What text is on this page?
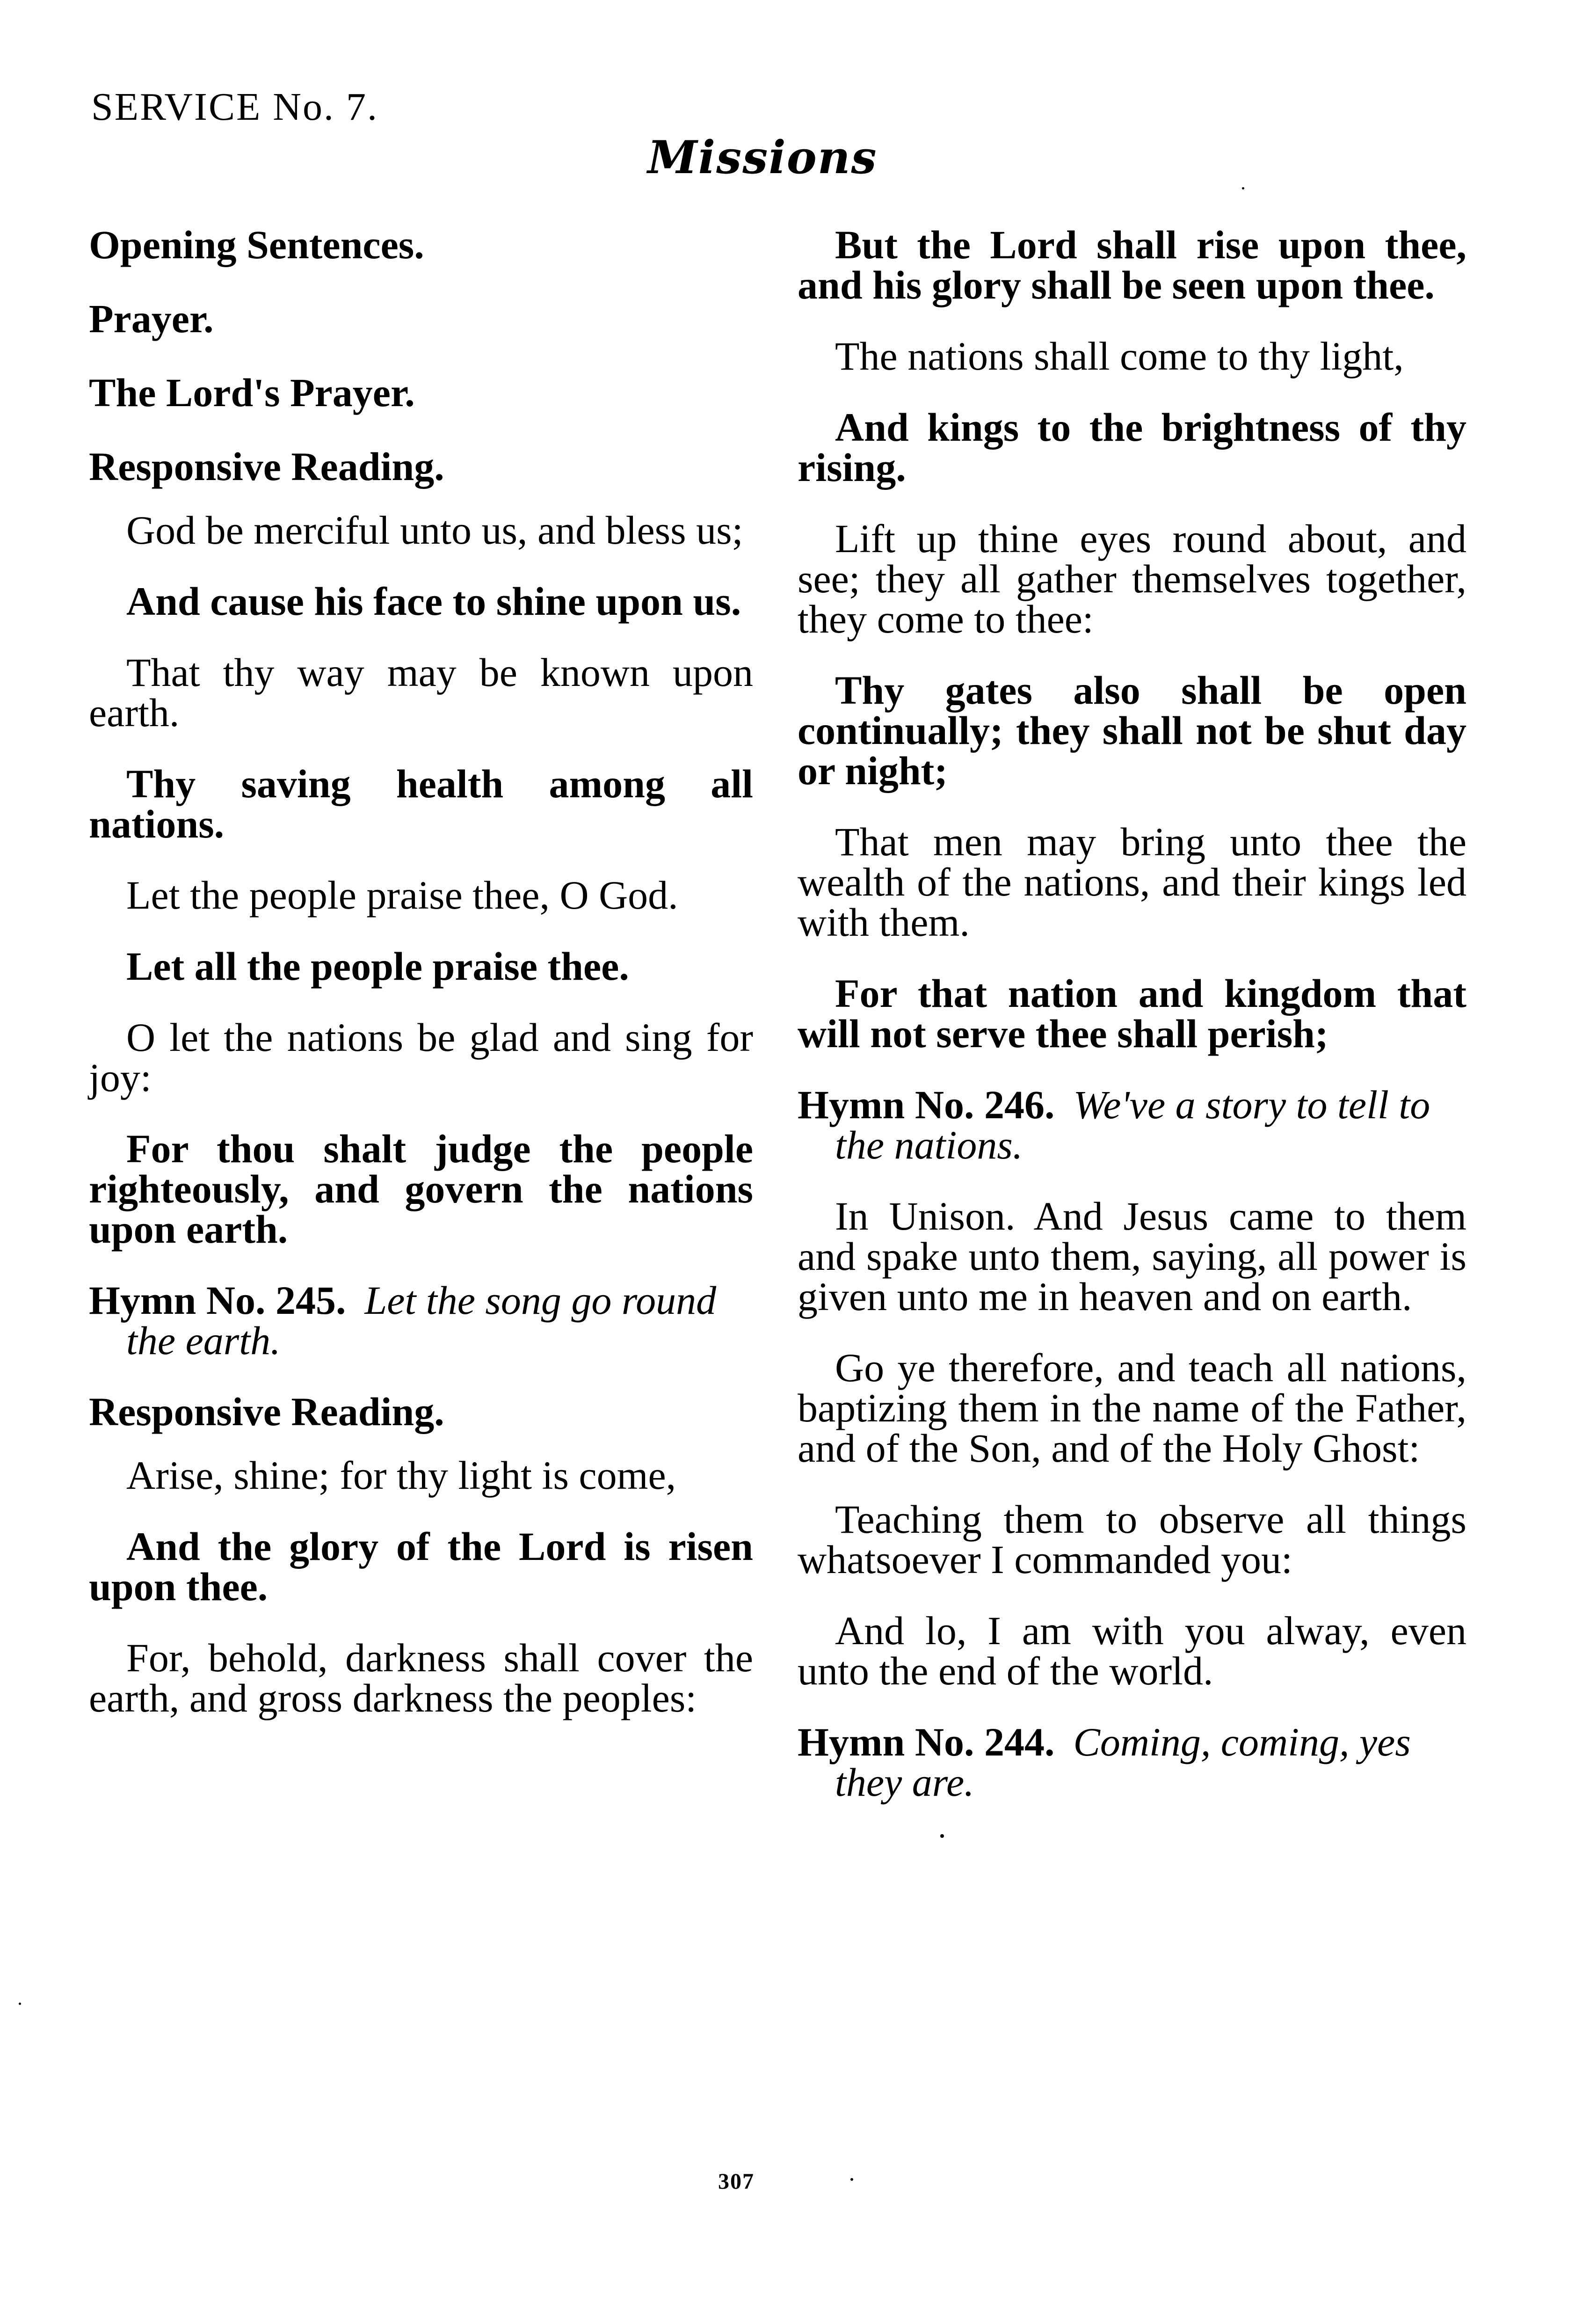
SERVICE No. 7.
Missions
Opening Sentences.
Prayer.
The Lord's Prayer.
Responsive Reading.
God be merciful unto us, and bless us;
And cause his face to shine upon us.
That thy way may be known upon earth.
Thy saving health among all nations.
Let the people praise thee, O God.
Let all the people praise thee.
O let the nations be glad and sing for joy:
For thou shalt judge the people righteously, and govern the nations upon earth.
Hymn No. 245. Let the song go round the earth.
Responsive Reading.
Arise, shine; for thy light is come,
And the glory of the Lord is risen upon thee.
For, behold, darkness shall cover the earth, and gross darkness the peoples:
But the Lord shall rise upon thee, and his glory shall be seen upon thee.
The nations shall come to thy light,
And kings to the brightness of thy rising.
Lift up thine eyes round about, and see; they all gather themselves together, they come to thee:
Thy gates also shall be open continually; they shall not be shut day or night;
That men may bring unto thee the wealth of the nations, and their kings led with them.
For that nation and kingdom that will not serve thee shall perish;
Hymn No. 246. We've a story to tell to the nations.
In Unison. And Jesus came to them and spake unto them, saying, all power is given unto me in heaven and on earth.
Go ye therefore, and teach all nations, baptizing them in the name of the Father, and of the Son, and of the Holy Ghost:
Teaching them to observe all things whatsoever I commanded you:
And lo, I am with you alway, even unto the end of the world.
Hymn No. 244. Coming, coming, yes they are.
307
